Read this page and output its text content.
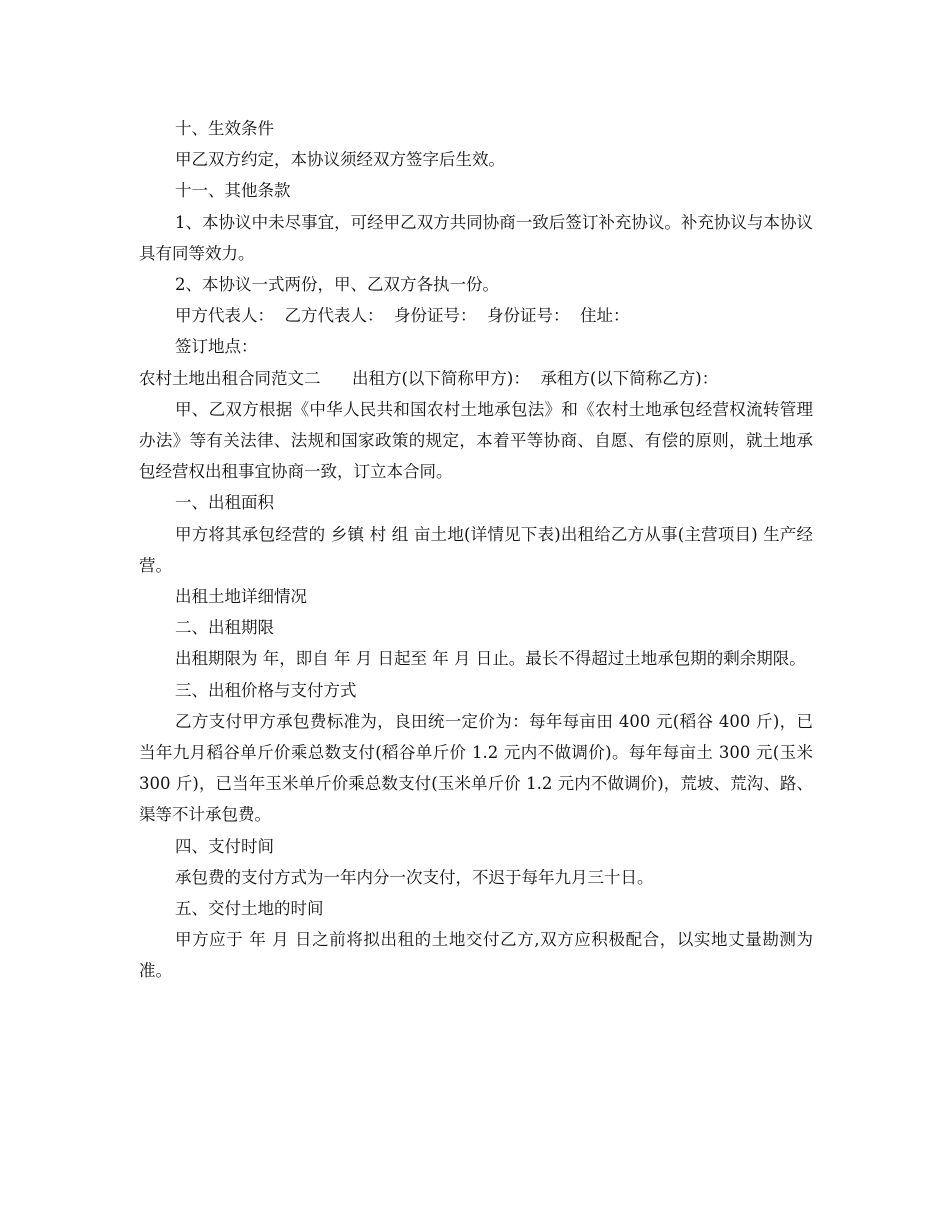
十、生效条件

甲乙双方约定，本协议须经双方签字后生效。

十一、其他条款

1、本协议中未尽事宜，可经甲乙双方共同协商一致后签订补充协议。补充协议与本协议具有同等效力。

2、本协议一式两份，甲、乙双方各执一份。

甲方代表人：  乙方代表人：  身份证号：  身份证号：  住址：

签订地点：

农村土地出租合同范文二      出租方(以下简称甲方)：  承租方(以下简称乙方)：

甲、乙双方根据《中华人民共和国农村土地承包法》和《农村土地承包经营权流转管理办法》等有关法律、法规和国家政策的规定，本着平等协商、自愿、有偿的原则，就土地承包经营权出租事宜协商一致，订立本合同。

一、出租面积

甲方将其承包经营的 乡镇 村 组 亩土地(详情见下表)出租给乙方从事(主营项目) 生产经营。

出租土地详细情况

二、出租期限

出租期限为 年，即自 年 月 日起至 年 月 日止。最长不得超过土地承包期的剩余期限。

三、出租价格与支付方式

乙方支付甲方承包费标准为，良田统一定价为：每年每亩田 400 元(稻谷 400 斤)，已当年九月稻谷单斤价乘总数支付(稻谷单斤价 1.2 元内不做调价)。每年每亩土 300 元(玉米 300 斤)，已当年玉米单斤价乘总数支付(玉米单斤价 1.2 元内不做调价)，荒坡、荒沟、路、渠等不计承包费。

四、支付时间

承包费的支付方式为一年内分一次支付，不迟于每年九月三十日。

五、交付土地的时间

甲方应于 年 月 日之前将拟出租的土地交付乙方,双方应积极配合，以实地丈量勘测为准。
